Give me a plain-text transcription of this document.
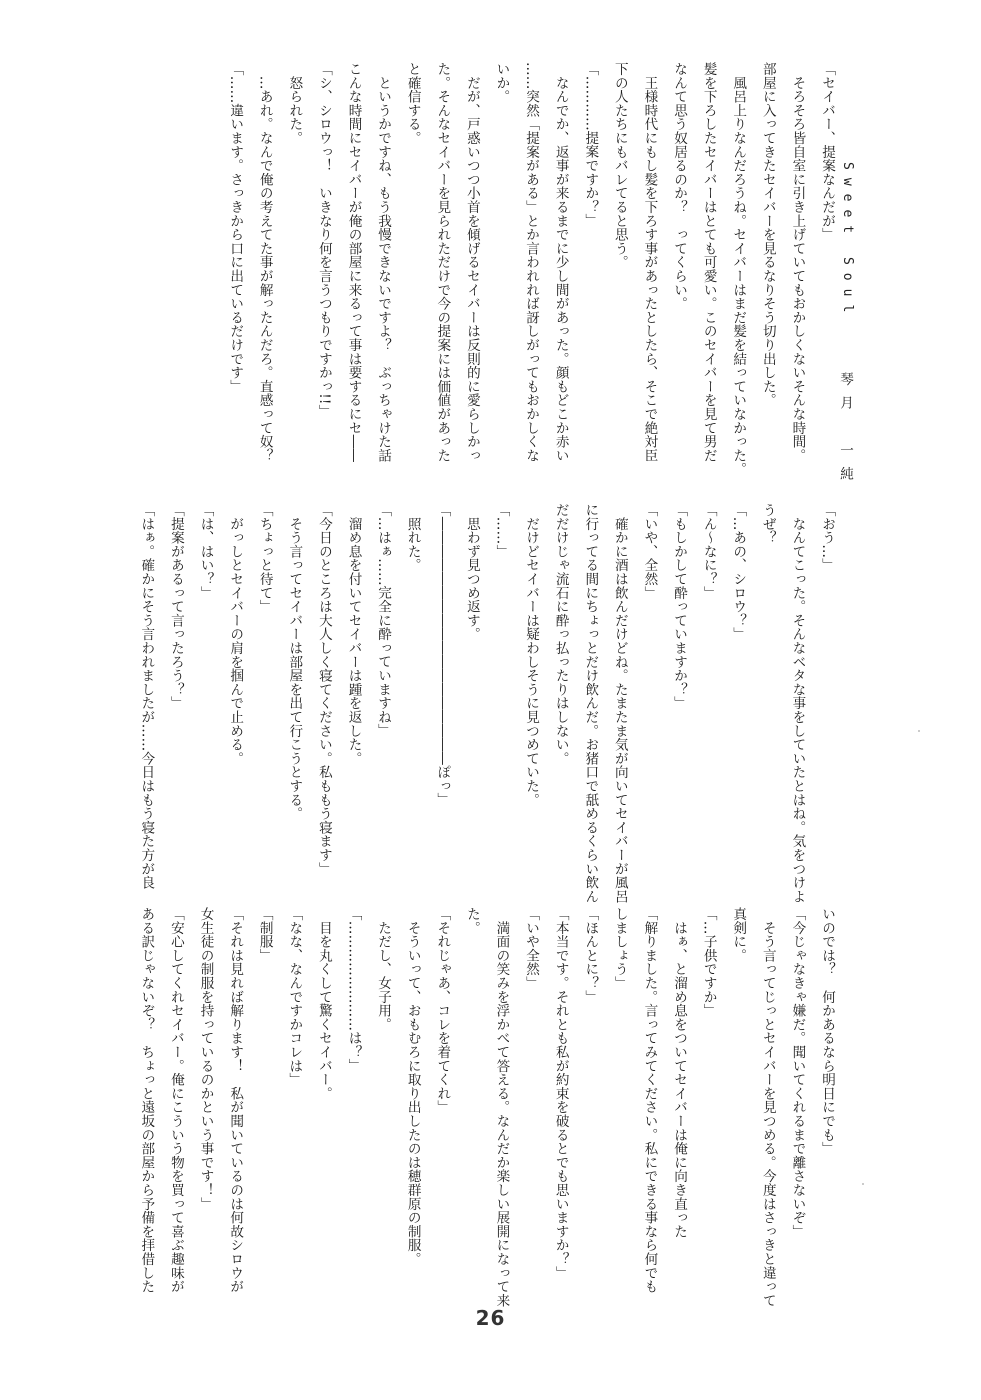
Sweet Soul
琴月　一純

「セイバー、提案なんだが」

　そろそろ皆自室に引き上げていてもおかしくないそんな時間。

部屋に入ってきたセイバーを見るなりそう切り出した。

　風呂上りなんだろうね。セイバーはまだ髪を結っていなかった。

髪を下ろしたセイバーはとても可愛い。このセイバーを見て男だ

なんて思う奴居るのか？　ってくらい。

　王様時代にもし髪を下ろす事があったとしたら、そこで絶対臣

下の人たちにもバレてると思う。

「…………提案ですか？」

　なんでか、返事が来るまでに少し間があった。顔もどこか赤い

……突然「提案がある」とか言われれば訝しがってもおかしくな

いか。

　だが、戸惑いつつ小首を傾げるセイバーは反則的に愛らしかっ

た。そんなセイバーを見られただけで今の提案には価値があった

と確信する。

　というかですね、もう我慢できないですよ？　ぶっちゃけた話

こんな時間にセイバーが俺の部屋に来るって事は要するにセ――

「シ、シロウっ！　いきなり何を言うつもりですかっ!!」

　怒られた。

　…あれ。なんで俺の考えてた事が解ったんだろ。直感って奴？

「……違います。さっきから口に出ているだけです」

「おう…」

　なんてこった。そんなベタな事をしていたとはね。気をつけよ

うぜ？

「…あの、シロウ？」

「ん～なに？」

「もしかして酔っていますか？」

「いや、全然」

　確かに酒は飲んだけどね。たまたま気が向いてセイバーが風呂

に行ってる間にちょっとだけ飲んだ。お猪口で舐めるくらい飲ん

だだけじゃ流石に酔っ払ったりはしない。

　だけどセイバーは疑わしそうに見つめていた。

「……」

　思わず見つめ返す。

「――――――――――――――――――ぽっ」

　照れた。

「…はぁ……完全に酔っていますね」

　溜め息を付いてセイバーは踵を返した。

「今日のところは大人しく寝てください。私ももう寝ます」

　そう言ってセイバーは部屋を出て行こうとする。

「ちょっと待て」

　がっしとセイバーの肩を掴んで止める。

「は、はい？」

「提案があるって言ったろう？」

「はぁ。確かにそう言われましたが……今日はもう寝た方が良

いのでは？　何かあるなら明日にでも」

「今じゃなきゃ嫌だ。聞いてくれるまで離さないぞ」

　そう言ってじっとセイバーを見つめる。今度はさっきと違って

真剣に。

「…子供ですか」

　はぁ、と溜め息をついてセイバーは俺に向き直った

「解りました。言ってみてください。私にできる事なら何でも

しましょう」

「ほんとに？」

「本当です。それとも私が約束を破るとでも思いますか？」

「いや全然」

　満面の笑みを浮かべて答える。なんだか楽しい展開になって来

た。

「それじゃあ、コレを着てくれ」

　そういって、おもむろに取り出したのは穂群原の制服。

　ただし、女子用。

「……………………は？」

　目を丸くして驚くセイバー。

「なな、なんですかコレは」

「制服」

「それは見れば解ります！　私が聞いているのは何故シロウが

女生徒の制服を持っているのかという事です！」

「安心してくれセイバー。俺にこういう物を買って喜ぶ趣味が

ある訳じゃないぞ？　ちょっと遠坂の部屋から予備を拝借した

26
